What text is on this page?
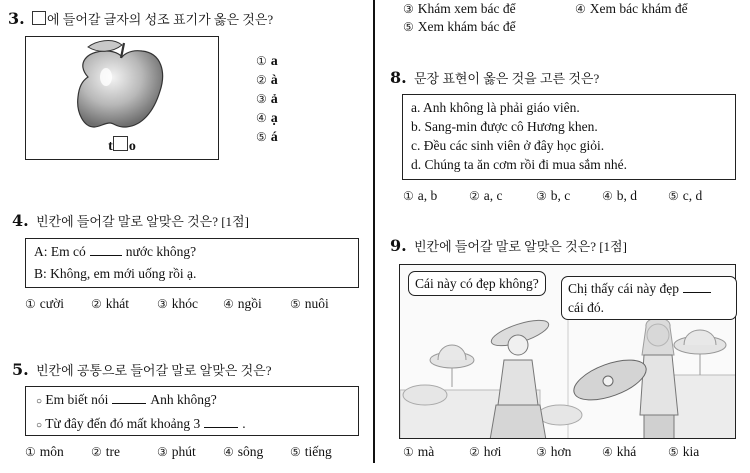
3. 에 들어갈 글자의 성조 표기가 옳은 것은?
t o
① a
② à
③ ả
④ ạ
⑤ á
4. 빈칸에 들어갈 말로 알맞은 것은? [1점]
A: Em có	nước không?
B: Không, em mới uống rồi ạ.
① cười ② khát ③ khóc ④ ngồi ⑤ nuôi
5. 빈칸에 공통으로 들어갈 말로 알맞은 것은?
○ Em biết nói	Anh không?
○ Từ đây đến đó mất khoảng 3	.
① môn ② tre	③ phút ④ sông ⑤ tiếng
③ Khám xem bác để	④ Xem bác khám để
⑤ Xem khám bác để
8. 문장 표현이 옳은 것을 고른 것은?
a. Anh không là phải giáo viên.
b. Sang-min được cô Hương khen.
c. Đều các sinh viên ở đây học giỏi.
d. Chúng ta ăn cơm rồi đi mua sắm nhé.
① a, b	② a, c	③ b, c	④ b, d	⑤ c, d
9. 빈칸에 들어갈 말로 알맞은 것은? [1점]
Cái này có đẹp không?	Chị thấy cái này đẹp
cái đó.
① mà	② hơi	③ hơn	④ khá	⑤ kia
